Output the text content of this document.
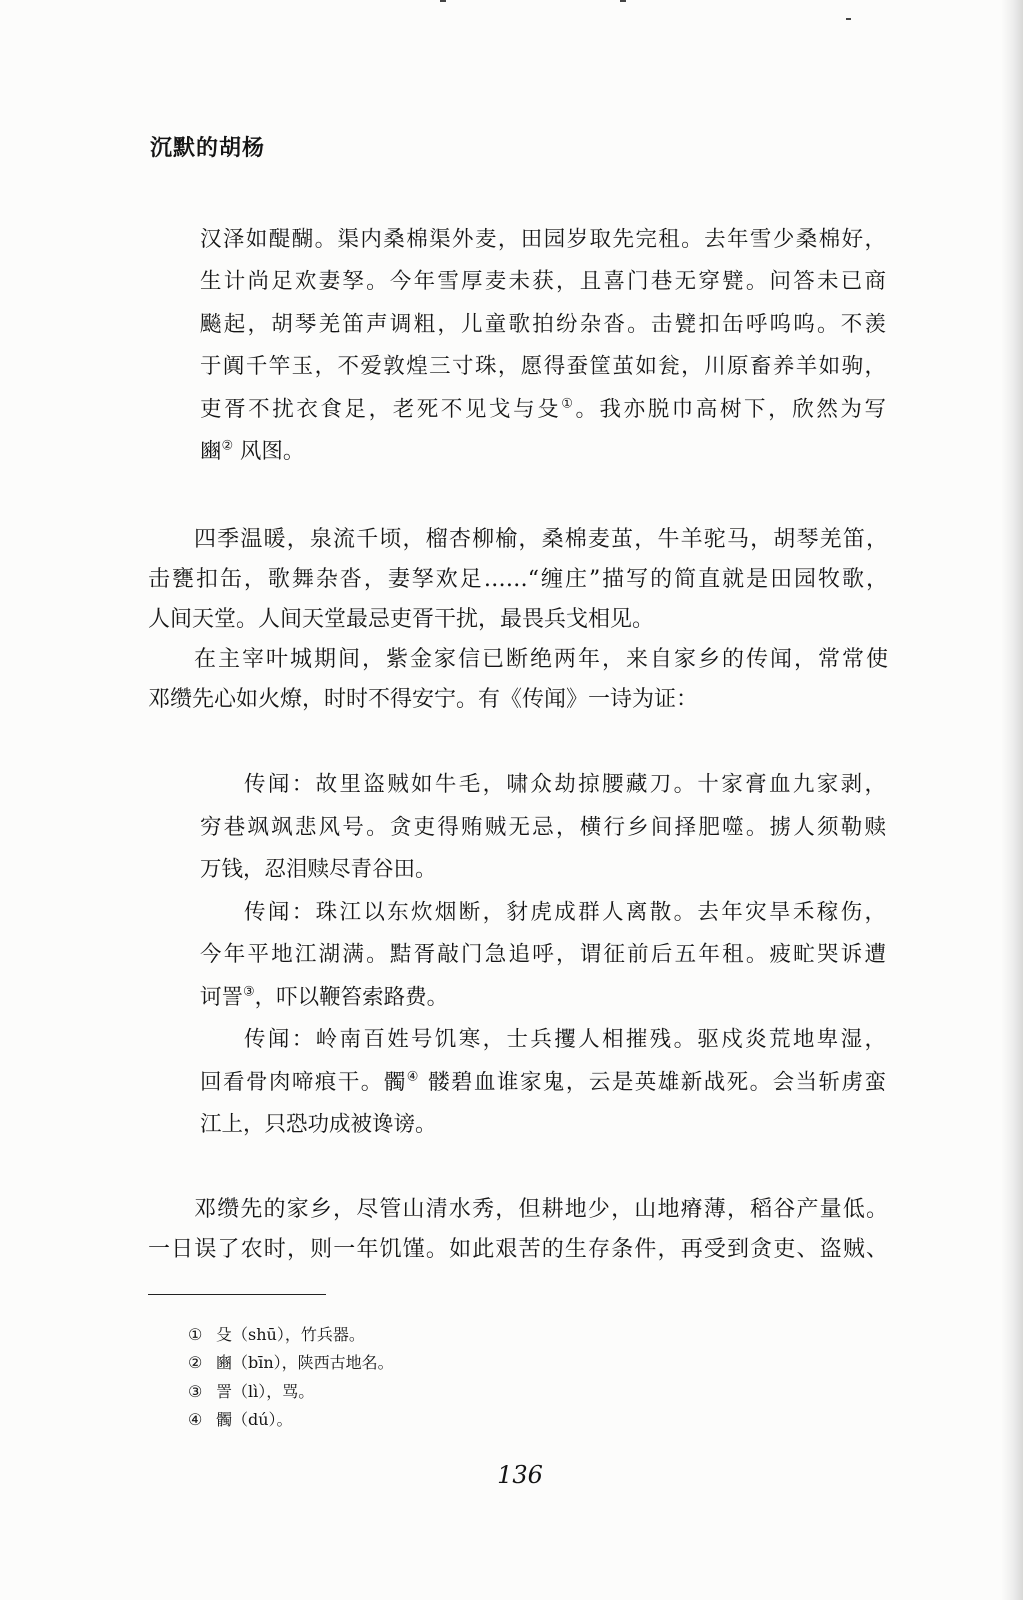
沉默的胡杨
汉泽如醍醐。渠内桑棉渠外麦，田园岁取先完租。去年雪少桑棉好，
生计尚足欢妻孥。今年雪厚麦未获，且喜门巷无穿甓。问答未已商
飈起，胡琴羌笛声调粗，儿童歌拍纷杂沓。击甓扣缶呼呜呜。不羡
于阗千竿玉，不爱敦煌三寸珠，愿得蚕筐茧如瓮，川原畜养羊如驹，
吏胥不扰衣食足，老死不见戈与殳①。我亦脱巾高树下，欣然为写
豳② 风图。
四季温暖，泉流千顷，榴杏柳榆，桑棉麦茧，牛羊驼马，胡琴羌笛，
击甕扣缶，歌舞杂沓，妻孥欢足……“缠庄”描写的简直就是田园牧歌，
人间天堂。人间天堂最忌吏胥干扰，最畏兵戈相见。
在主宰叶城期间，紫金家信已断绝两年，来自家乡的传闻，常常使
邓缵先心如火燎，时时不得安宁。有《传闻》一诗为证：
传闻：故里盗贼如牛毛，啸众劫掠腰藏刀。十家膏血九家剥，
穷巷飒飒悲风号。贪吏得贿贼无忌，横行乡间择肥噬。掳人须勒赎
万钱，忍泪赎尽青谷田。
传闻：珠江以东炊烟断，豺虎成群人离散。去年灾旱禾稼伤，
今年平地江湖满。黠胥敲门急追呼，谓征前后五年租。疲甿哭诉遭
诃詈③，吓以鞭笞索路费。
传闻：岭南百姓号饥寒，士兵攫人相摧残。驱戍炎荒地卑湿，
回看骨肉啼痕干。髑④ 髅碧血谁家鬼，云是英雄新战死。会当斩虏蛮
江上，只恐功成被谗谤。
邓缵先的家乡，尽管山清水秀，但耕地少，山地瘠薄，稻谷产量低。
一日误了农时，则一年饥馑。如此艰苦的生存条件，再受到贪吏、盗贼、
① 殳（shū），竹兵器。
② 豳（bīn），陕西古地名。
③ 詈（lì），骂。
④ 髑（dú）。
136
